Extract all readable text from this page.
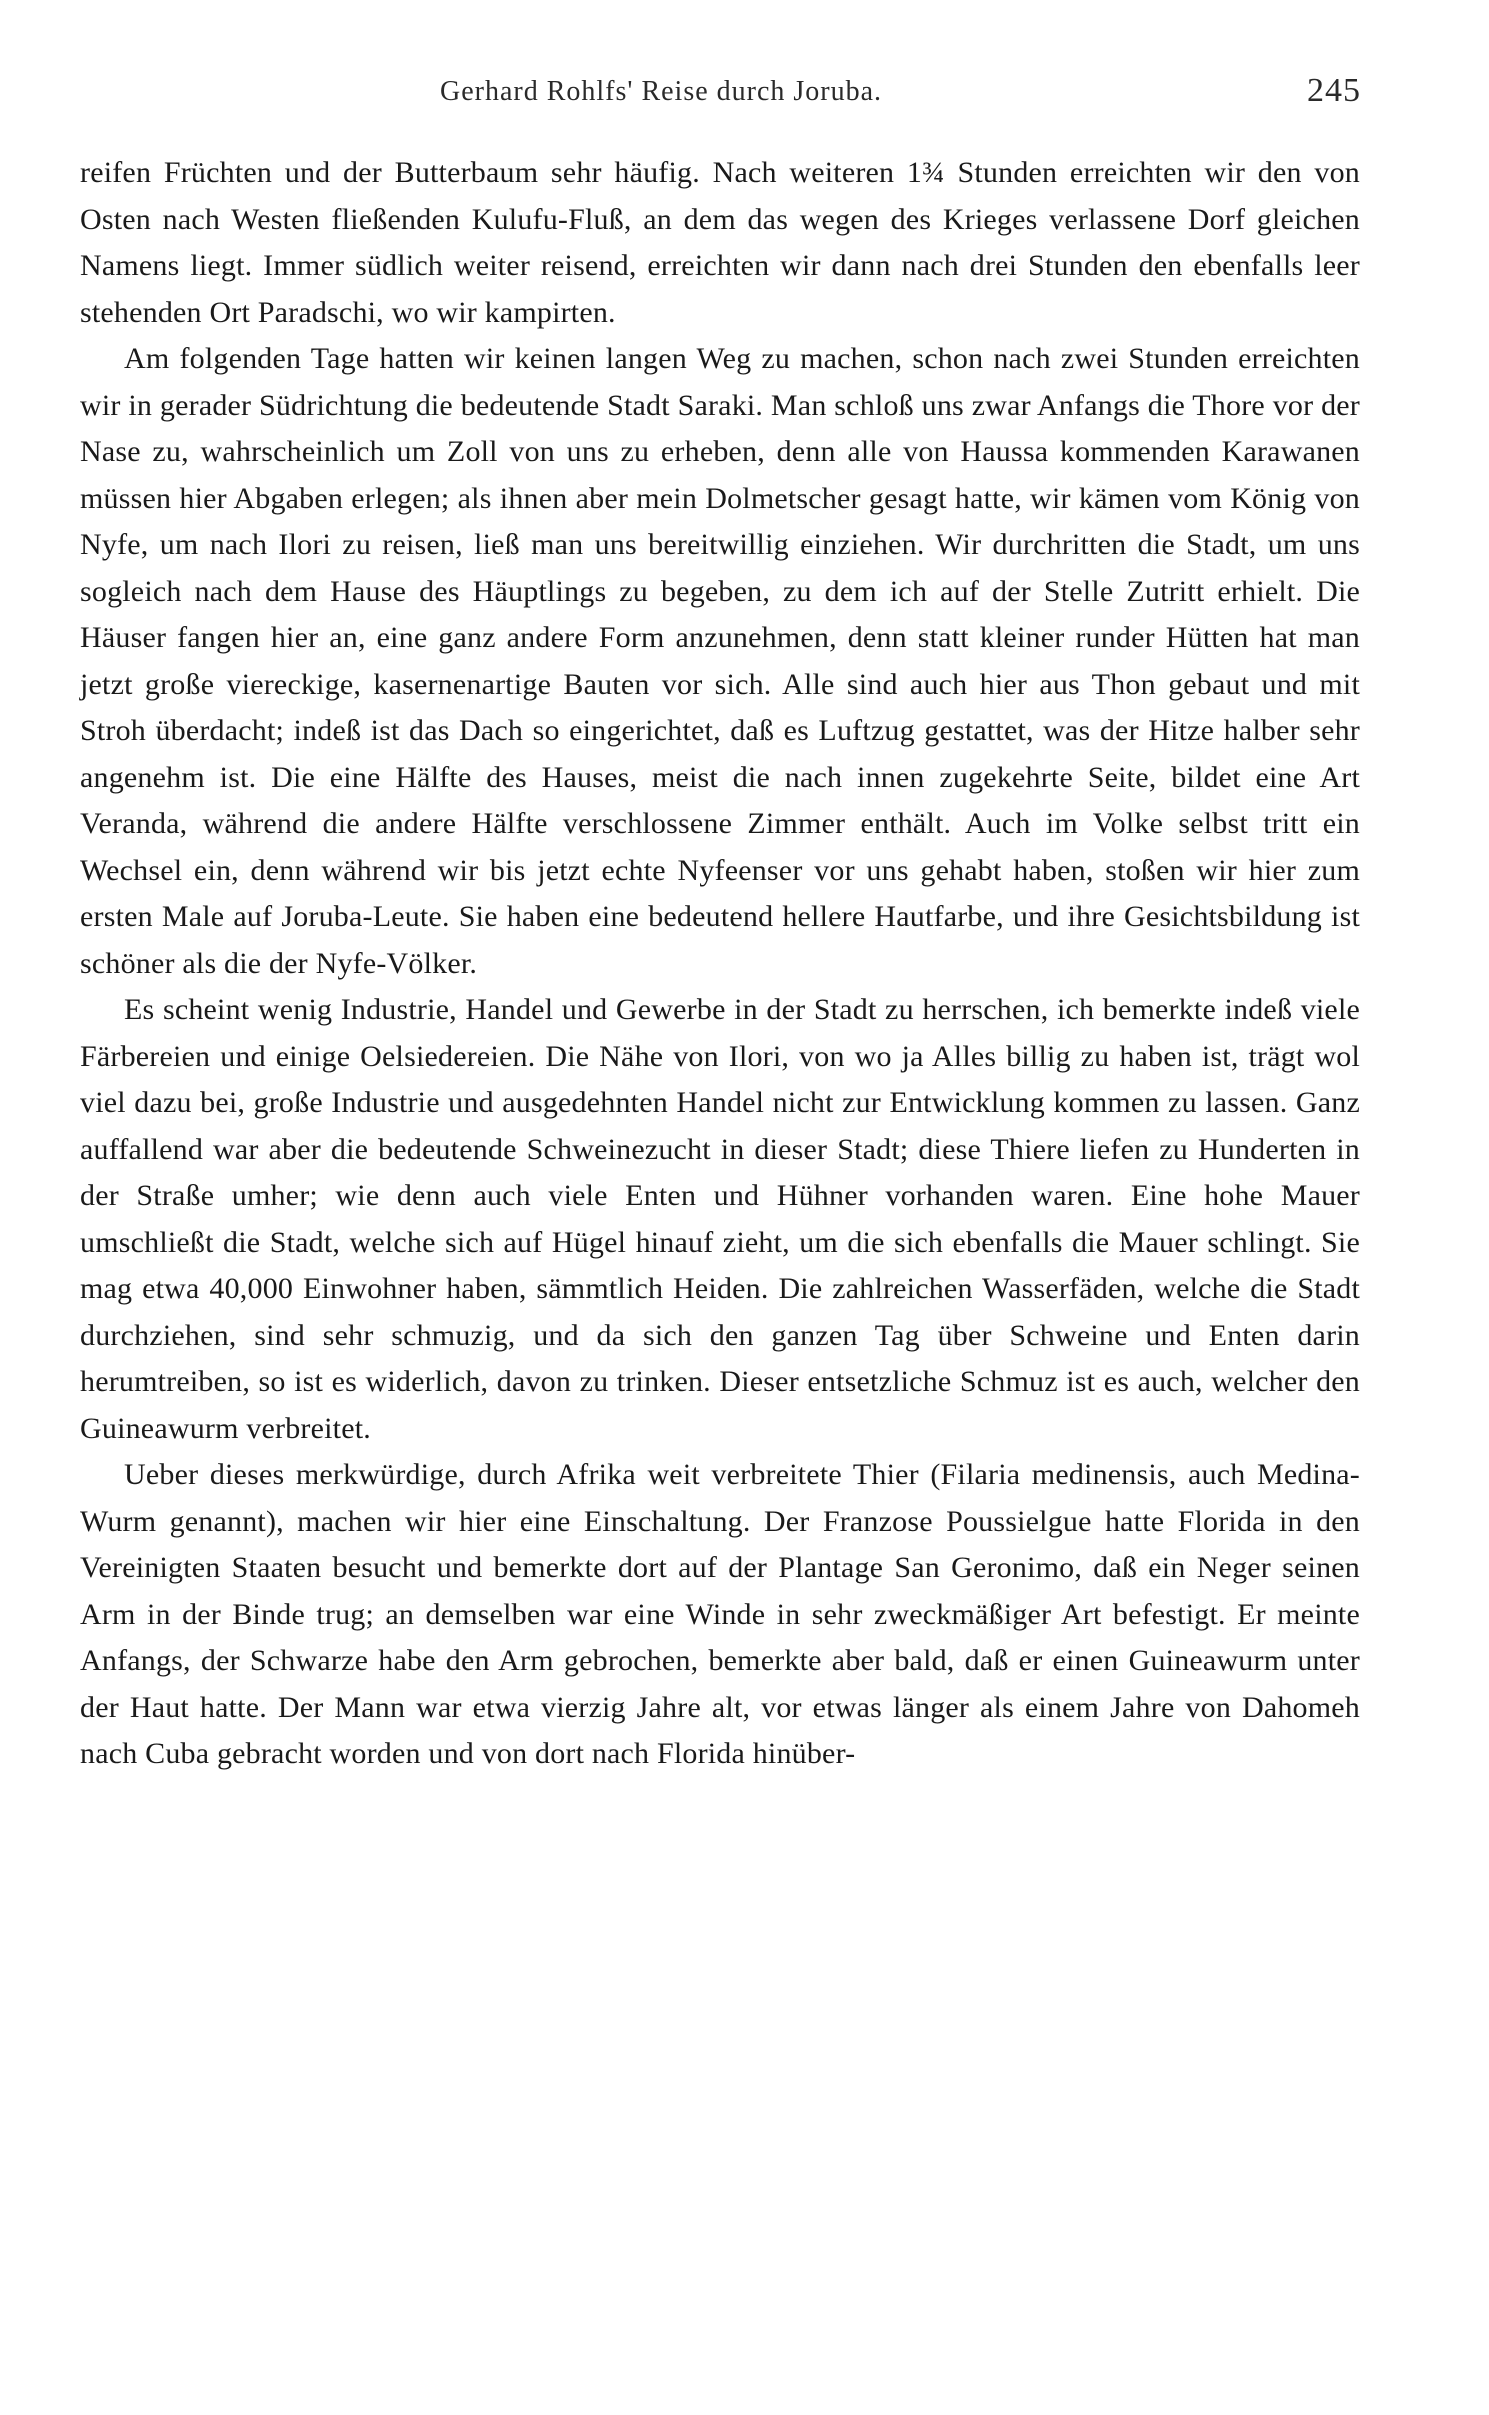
Gerhard Rohlfs' Reise durch Joruba.	245

reifen Früchten und der Butterbaum sehr häufig. Nach weiteren 1¾ Stunden erreichten wir den von Osten nach Westen fließenden Kulufu-Fluß, an dem das wegen des Krieges verlassene Dorf gleichen Namens liegt. Immer südlich weiter reisend, erreichten wir dann nach drei Stunden den ebenfalls leer stehenden Ort Paradschi, wo wir kampirten.

Am folgenden Tage hatten wir keinen langen Weg zu machen, schon nach zwei Stunden erreichten wir in gerader Südrichtung die bedeutende Stadt Saraki. Man schloß uns zwar Anfangs die Thore vor der Nase zu, wahrscheinlich um Zoll von uns zu erheben, denn alle von Haussa kommenden Karawanen müssen hier Abgaben erlegen; als ihnen aber mein Dolmetscher gesagt hatte, wir kämen vom König von Nyfe, um nach Ilori zu reisen, ließ man uns bereitwillig einziehen. Wir durchritten die Stadt, um uns sogleich nach dem Hause des Häuptlings zu begeben, zu dem ich auf der Stelle Zutritt erhielt. Die Häuser fangen hier an, eine ganz andere Form anzunehmen, denn statt kleiner runder Hütten hat man jetzt große viereckige, kasernenartige Bauten vor sich. Alle sind auch hier aus Thon gebaut und mit Stroh überdacht; indeß ist das Dach so eingerichtet, daß es Luftzug gestattet, was der Hitze halber sehr angenehm ist. Die eine Hälfte des Hauses, meist die nach innen zugekehrte Seite, bildet eine Art Veranda, während die andere Hälfte verschlossene Zimmer enthält. Auch im Volke selbst tritt ein Wechsel ein, denn während wir bis jetzt echte Nyfeenser vor uns gehabt haben, stoßen wir hier zum ersten Male auf Joruba-Leute. Sie haben eine bedeutend hellere Hautfarbe, und ihre Gesichtsbildung ist schöner als die der Nyfe-Völker.

Es scheint wenig Industrie, Handel und Gewerbe in der Stadt zu herrschen, ich bemerkte indeß viele Färbereien und einige Oelsiedereien. Die Nähe von Ilori, von wo ja Alles billig zu haben ist, trägt wol viel dazu bei, große Industrie und ausgedehnten Handel nicht zur Entwicklung kommen zu lassen. Ganz auffallend war aber die bedeutende Schweinezucht in dieser Stadt; diese Thiere liefen zu Hunderten in der Straße umher; wie denn auch viele Enten und Hühner vorhanden waren. Eine hohe Mauer umschließt die Stadt, welche sich auf Hügel hinauf zieht, um die sich ebenfalls die Mauer schlingt. Sie mag etwa 40,000 Einwohner haben, sämmtlich Heiden. Die zahlreichen Wasserfäden, welche die Stadt durchziehen, sind sehr schmuzig, und da sich den ganzen Tag über Schweine und Enten darin herumtreiben, so ist es widerlich, davon zu trinken. Dieser entsetzliche Schmuz ist es auch, welcher den Guineawurm verbreitet.

Ueber dieses merkwürdige, durch Afrika weit verbreitete Thier (Filaria medinensis, auch Medina-Wurm genannt), machen wir hier eine Einschaltung. Der Franzose Poussielgue hatte Florida in den Vereinigten Staaten besucht und bemerkte dort auf der Plantage San Geronimo, daß ein Neger seinen Arm in der Binde trug; an demselben war eine Winde in sehr zweckmäßiger Art befestigt. Er meinte Anfangs, der Schwarze habe den Arm gebrochen, bemerkte aber bald, daß er einen Guineawurm unter der Haut hatte. Der Mann war etwa vierzig Jahre alt, vor etwas länger als einem Jahre von Dahomeh nach Cuba gebracht worden und von dort nach Florida hinüber-
